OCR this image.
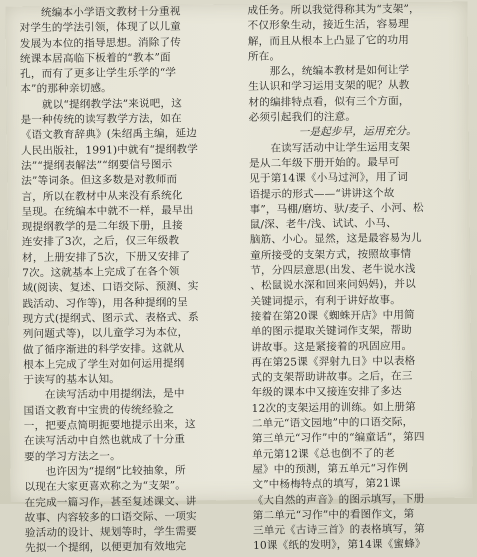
　　统编本小学语文教材十分重视
对学生的学法引领，体现了以儿童
发展为本位的指导思想。消除了传
统课本居高临下板着的“教本”面
孔，而有了更多让学生乐学的“学
本”的那种亲切感。
　　就以“提纲教学法”来说吧，这
是一种传统的读写教学方法，如在
《语文教育辞典》(朱绍禹主编，延边
人民出版社，1991)中就有“提纲教学
法”“提纲表解法”“纲要信号图示
法”等词条。但这多数是对教师而
言，所以在教材中从来没有系统化
呈现。在统编本中就不一样，最早出
现提纲教学的是二年级下册，且接
连安排了3次，之后，仅三年级教
材，上册安排了5次，下册又安排了
7次。这就基本上完成了在各个领
域(阅读、复述、口语交际、预测、实
践活动、习作等)，用各种提纲的呈
现方式(提纲式、图示式、表格式、系
列问题式等)，以儿童学习为本位，
做了循序渐进的科学安排。这就从
根本上完成了学生对如何运用提纲
于读写的基本认知。
　　在读写活动中用提纲法，是中
国语文教育中宝贵的传统经验之
一，把要点简明扼要地提示出来，这
在读写活动中自然也就成了十分重
要的学习方法之一。
　　也许因为“提纲”比较抽象，所
以现在大家更喜欢称之为“支架”。
在完成一篇习作，甚至复述课文、讲
故事、内容较多的口语交际、一项实
验活动的设计、规划等时，学生需要
先拟一个提纲，以便更加有效地完
成任务。所以我觉得称其为“支架”，
不仅形象生动，接近生活，容易理
解，而且从根本上凸显了它的功用
所在。
　　那么，统编本教材是如何让学
生认识和学习运用支架的呢？从教
材的编排特点看，似有三个方面，
必须引起我们的注意。
一是起步早，运用充分。
　　在读写活动中让学生运用支架
是从二年级下册开始的。最早可
见于第14课《小马过河》，用了词
语提示的形式——“讲讲这个故
事”，马棚/磨坊、驮/麦子、小河、松
鼠/深、老牛/浅、试试、小马、
脑筋、小心。显然，这是最容易为儿
童所接受的支架方式，按照故事情
节，分四层意思(出发、老牛说水浅
、松鼠说水深和回来问妈妈)，并以
关键词提示，有利于讲好故事。
接着在第20课《蜘蛛开店》中用简
单的图示提取关键词作支架，帮助
讲故事。这是紧接着的巩固应用。
再在第25课《羿射九日》中以表格
式的支架帮助讲故事。之后，在三
年级的课本中又接连安排了多达
12次的支架运用的训练。如上册第
二单元“语文园地”中的口语交际，
第三单元“习作”中的“编童话”，第四
单元第12课《总也倒不了的老
屋》中的预测，第五单元“习作例
文”中杨梅特点的填写，第21课
《大自然的声音》的图示填写，下册
第二单元“习作”中的看图作文，第
三单元《古诗三首》的表格填写，第
10课《纸的发明》，第14课《蜜蜂》
